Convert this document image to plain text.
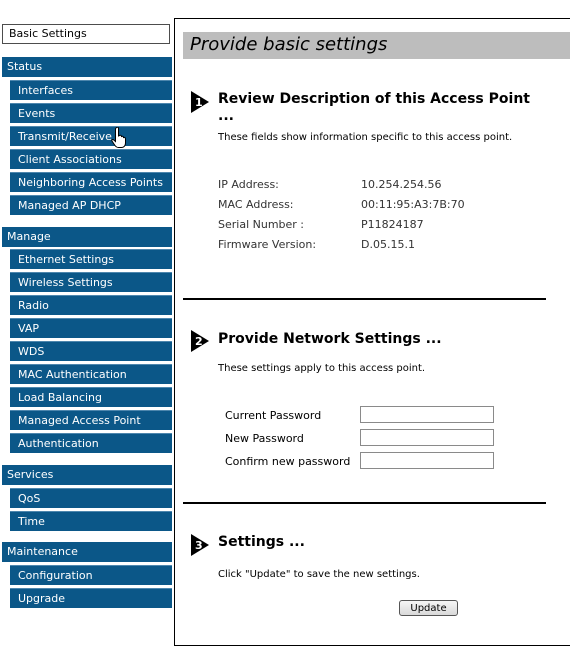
Basic Settings
Status
Interfaces
Events
Transmit/Receive
Client Associations
Neighboring Access Points
Managed AP DHCP
Manage
Ethernet Settings
Wireless Settings
Radio
VAP
WDS
MAC Authentication
Load Balancing
Managed Access Point
Authentication
Services
QoS
Time
Maintenance
Configuration
Upgrade
Provide basic settings
1 Review Description of this Access Point ...
These fields show information specific to this access point.
IP Address:	10.254.254.56
MAC Address:	00:11:95:A3:7B:70
Serial Number :	P11824187
Firmware Version:	D.05.15.1
2 Provide Network Settings ...
These settings apply to this access point.
Current Password
New Password
Confirm new password
3 Settings ...
Click "Update" to save the new settings.
Update
